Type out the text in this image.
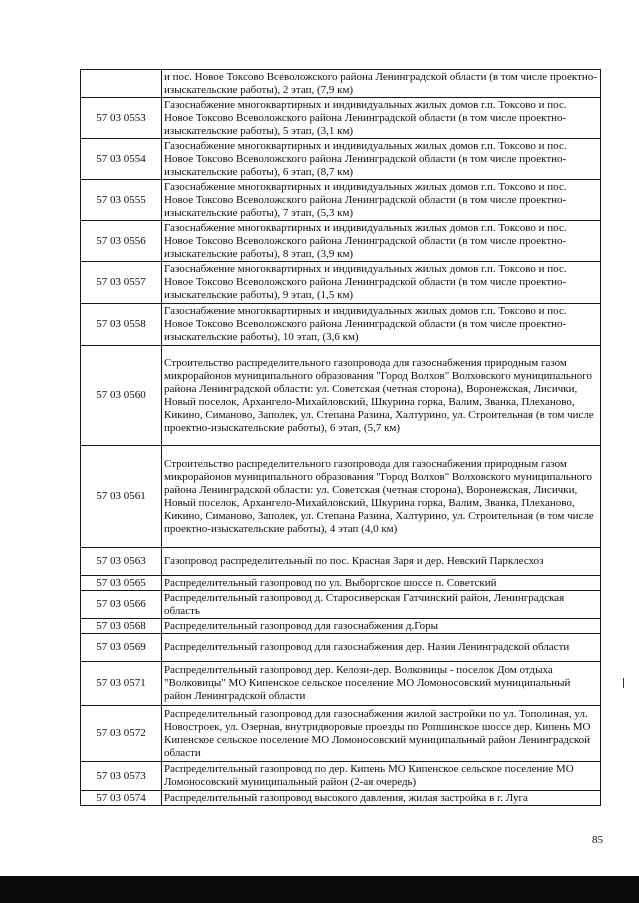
	и пос. Новое Токсово Всеволожского района Ленинградской области (в том числе проектно-изыскательские работы), 2 этап, (7,9 км)
57 03 0553	Газоснабжение многоквартирных и индивидуальных жилых домов г.п. Токсово и пос. Новое Токсово Всеволожского района Ленинградской области (в том числе проектно-изыскательские работы), 5 этап, (3,1 км)
57 03 0554	Газоснабжение многоквартирных и индивидуальных жилых домов г.п. Токсово и пос. Новое Токсово Всеволожского района Ленинградской области (в том числе проектно-изыскательские работы), 6 этап, (8,7 км)
57 03 0555	Газоснабжение многоквартирных и индивидуальных жилых домов г.п. Токсово и пос. Новое Токсово Всеволожского района Ленинградской области (в том числе проектно-изыскательские работы), 7 этап, (5,3 км)
57 03 0556	Газоснабжение многоквартирных и индивидуальных жилых домов г.п. Токсово и пос. Новое Токсово Всеволожского района Ленинградской области (в том числе проектно-изыскательские работы), 8 этап, (3,9 км)
57 03 0557	Газоснабжение многоквартирных и индивидуальных жилых домов г.п. Токсово и пос. Новое Токсово Всеволожского района Ленинградской области (в том числе проектно-изыскательские работы), 9 этап, (1,5 км)
57 03 0558	Газоснабжение многоквартирных и индивидуальных жилых домов г.п. Токсово и пос. Новое Токсово Всеволожского района Ленинградской области (в том числе проектно-изыскательские работы), 10 этап, (3,6 км)
57 03 0560	Строительство распределительного газопровода для газоснабжения природным газом микрорайонов муниципального образования "Город Волхов" Волховского муниципального района Ленинградской области: ул. Советская (четная сторона), Воронежская, Лисички, Новый поселок, Архангело-Михайловский, Шкурина горка, Валим, Званка, Плеханово, Кикино, Симаново, Заполек, ул. Степана Разина, Халтурино, ул. Строительная (в том числе проектно-изыскательские работы), 6 этап, (5,7 км)
57 03 0561	Строительство распределительного газопровода для газоснабжения природным газом микрорайонов муниципального образования "Город Волхов" Волховского муниципального района Ленинградской области: ул. Советская (четная сторона), Воронежская, Лисички, Новый поселок, Архангело-Михайловский, Шкурина горка, Валим, Званка, Плеханово, Кикино, Симаново, Заполек, ул. Степана Разина, Халтурино, ул. Строительная (в том числе проектно-изыскательские работы), 4 этап (4,0 км)
57 03 0563	Газопровод распределительный по пос. Красная Заря и дер. Невский Парклесхоз
57 03 0565	Распределительный газопровод по ул. Выборгское шоссе п. Советский
57 03 0566	Распределительный газопровод д. Старосиверская Гатчинский район, Ленинградская область
57 03 0568	Распределительный газопровод для газоснабжения д.Горы
57 03 0569	Распределительный газопровод для газоснабжения дер. Назия Ленинградской области
57 03 0571	Распределительный газопровод дер. Келози-дер. Волковицы - поселок Дом отдыха "Волковицы" МО Кипенское сельское поселение МО Ломоносовский муниципальный район Ленинградской области
57 03 0572	Распределительный газопровод для газоснабжения жилой застройки по ул. Тополиная, ул. Новостроек, ул. Озерная, внутридворовые проезды по Ропшинское шоссе дер. Кипень МО Кипенское сельское поселение МО Ломоносовский муниципальный район Ленинградской области
57 03 0573	Распределительный газопровод по дер. Кипень МО Кипенское сельское поселение МО Ломоносовский муниципальный район (2-ая очередь)
57 03 0574	Распределительный газопровод высокого давления, жилая застройка в г. Луга
85
